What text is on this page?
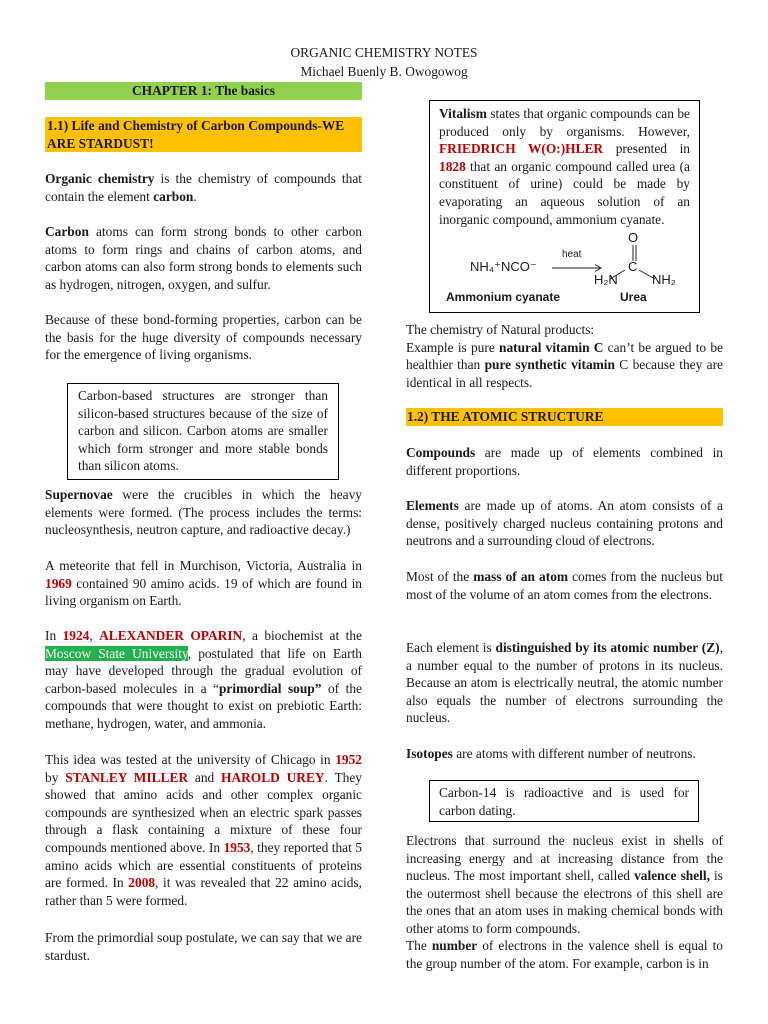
ORGANIC CHEMISTRY NOTES
Michael Buenly B. Owogowog
CHAPTER 1: The basics
1.1) Life and Chemistry of Carbon Compounds-WE
ARE STARDUST!

Organic chemistry is the chemistry of compounds that contain the element carbon.

Carbon atoms can form strong bonds to other carbon atoms to form rings and chains of carbon atoms, and carbon atoms can also form strong bonds to elements such as hydrogen, nitrogen, oxygen, and sulfur.

Because of these bond-forming properties, carbon can be the basis for the huge diversity of compounds necessary for the emergence of living organisms.

Carbon-based structures are stronger than silicon-based structures because of the size of carbon and silicon. Carbon atoms are smaller which form stronger and more stable bonds than silicon atoms.

Supernovae were the crucibles in which the heavy elements were formed. (The process includes the terms: nucleosynthesis, neutron capture, and radioactive decay.)

A meteorite that fell in Murchison, Victoria, Australia in 1969 contained 90 amino acids. 19 of which are found in living organism on Earth.

In 1924, ALEXANDER OPARIN, a biochemist at the Moscow State University, postulated that life on Earth may have developed through the gradual evolution of carbon-based molecules in a “primordial soup” of the compounds that were thought to exist on prebiotic Earth: methane, hydrogen, water, and ammonia.

This idea was tested at the university of Chicago in 1952 by STANLEY MILLER and HAROLD UREY. They showed that amino acids and other complex organic compounds are synthesized when an electric spark passes through a flask containing a mixture of these four compounds mentioned above. In 1953, they reported that 5 amino acids which are essential constituents of proteins are formed. In 2008, it was revealed that 22 amino acids, rather than 5 were formed.

From the primordial soup postulate, we can say that we are stardust.

Vitalism states that organic compounds can be produced only by organisms. However, FRIEDRICH W(O:)HLER presented in 1828 that an organic compound called urea (a constituent of urine) could be made by evaporating an aqueous solution of an inorganic compound, ammonium cyanate.

NH₄⁺NCO⁻
heat
O
C
H₂N	NH₂
Ammonium cyanate	Urea

The chemistry of Natural products:

Example is pure natural vitamin C can’t be argued to be healthier than pure synthetic vitamin C because they are identical in all respects.

1.2) THE ATOMIC STRUCTURE

Compounds are made up of elements combined in different proportions.

Elements are made up of atoms. An atom consists of a dense, positively charged nucleus containing protons and neutrons and a surrounding cloud of electrons.

Most of the mass of an atom comes from the nucleus but most of the volume of an atom comes from the electrons.

Each element is distinguished by its atomic number (Z), a number equal to the number of protons in its nucleus. Because an atom is electrically neutral, the atomic number also equals the number of electrons surrounding the nucleus.

Isotopes are atoms with different number of neutrons.

Carbon-14 is radioactive and is used for carbon dating.

Electrons that surround the nucleus exist in shells of increasing energy and at increasing distance from the nucleus. The most important shell, called valence shell, is the outermost shell because the electrons of this shell are the ones that an atom uses in making chemical bonds with other atoms to form compounds.

The number of electrons in the valence shell is equal to the group number of the atom. For example, carbon is in
